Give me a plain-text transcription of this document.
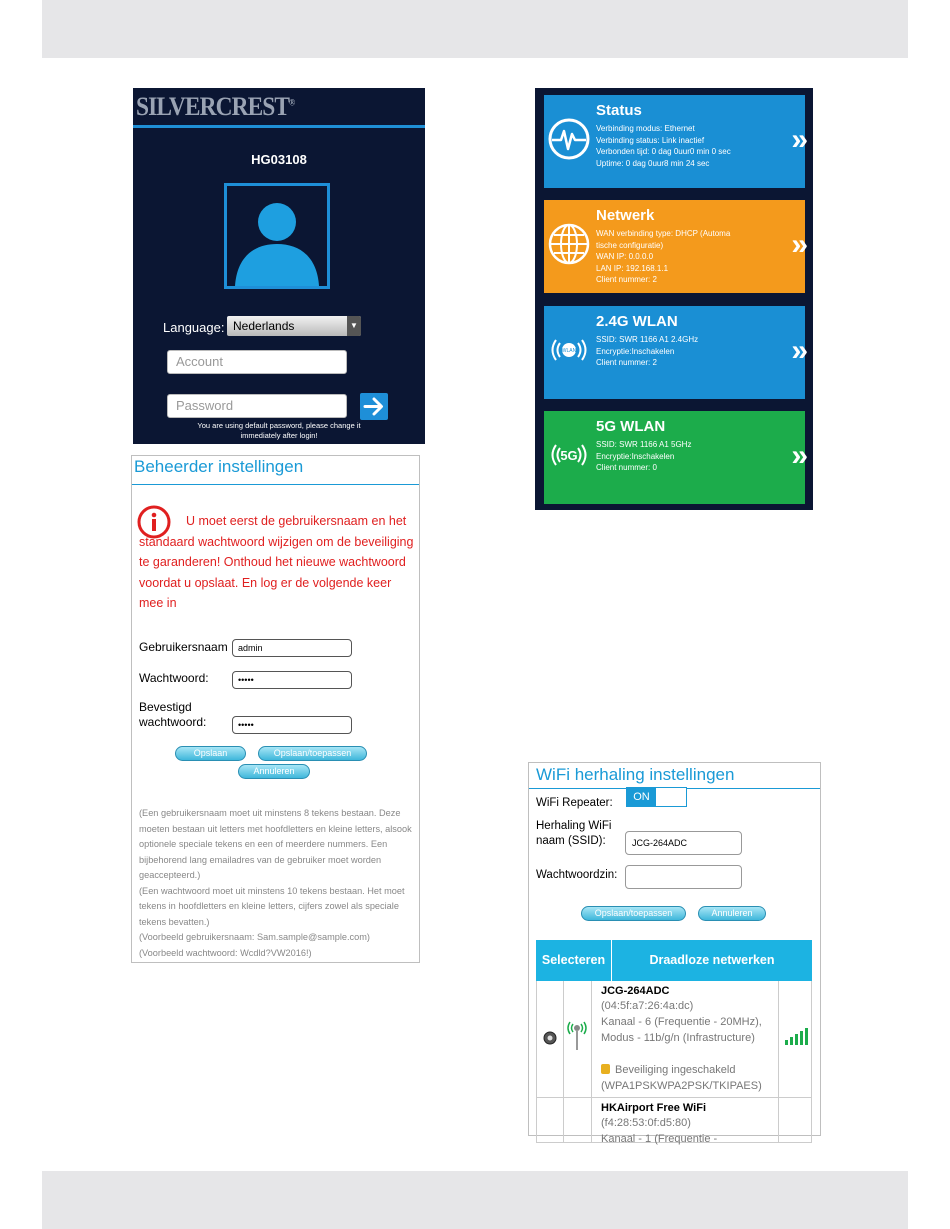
SILVERCREST®
HG03108
Language: Nederlands	▼
Account
Password
You are using default password, please change it
immediately after login!
Beheerder instellingen
U moet eerst de gebruikersnaam en het standaard wachtwoord wijzigen om de beveiliging te garanderen! Onthoud het nieuwe wachtwoord voordat u opslaat. En log er de volgende keer mee in
Gebruikersnaam	admin
Wachtwoord:	•••••
Bevestigd
wachtwoord:	•••••
Opslaan	Opslaan/toepassen
Annuleren
(Een gebruikersnaam moet uit minstens 8 tekens bestaan. Deze moeten bestaan uit letters met hoofdletters en kleine letters, alsook optionele speciale tekens en een of meerdere nummers. Een bijbehorend lang emailadres van de gebruiker moet worden geaccepteerd.)
(Een wachtwoord moet uit minstens 10 tekens bestaan. Het moet tekens in hoofdletters en kleine letters, cijfers zowel als speciale tekens bevatten.)
(Voorbeeld gebruikersnaam: Sam.sample@sample.com)
(Voorbeeld wachtwoord: Wcdld?VW2016!)
Status
Verbinding modus: Ethernet
Verbinding status: Link inactief
Verbonden tijd: 0 dag 0uur0 min 0 sec
Uptime: 0 dag 0uur8 min 24 sec
»
Netwerk
WAN verbinding type: DHCP (Automa
tische configuratie)
WAN IP: 0.0.0.0
LAN IP: 192.168.1.1
Client nummer: 2
»
WLAN
2.4G WLAN
SSID: SWR 1166 A1 2.4GHz
Encryptie:Inschakelen
Client nummer: 2	»
5G
5G WLAN
SSID: SWR 1166 A1 5GHz
Encryptie:Inschakelen
Client nummer: 0	»
WiFi herhaling instellingen
WiFi Repeater:	ON
Herhaling WiFi
naam (SSID):	JCG-264ADC
Wachtwoordzin:
Opslaan/toepassen	Annuleren
Selecteren	Draadloze netwerken
JCG-264ADC
(04:5f:a7:26:4a:dc)
Kanaal - 6 (Frequentie - 20MHz), Modus - 11b/g/n (Infrastructure)
Beveiliging ingeschakeld
(WPA1PSKWPA2PSK/TKIPAES)
HKAirport Free WiFi
(f4:28:53:0f:d5:80)
Kanaal - 1 (Frequentie -
